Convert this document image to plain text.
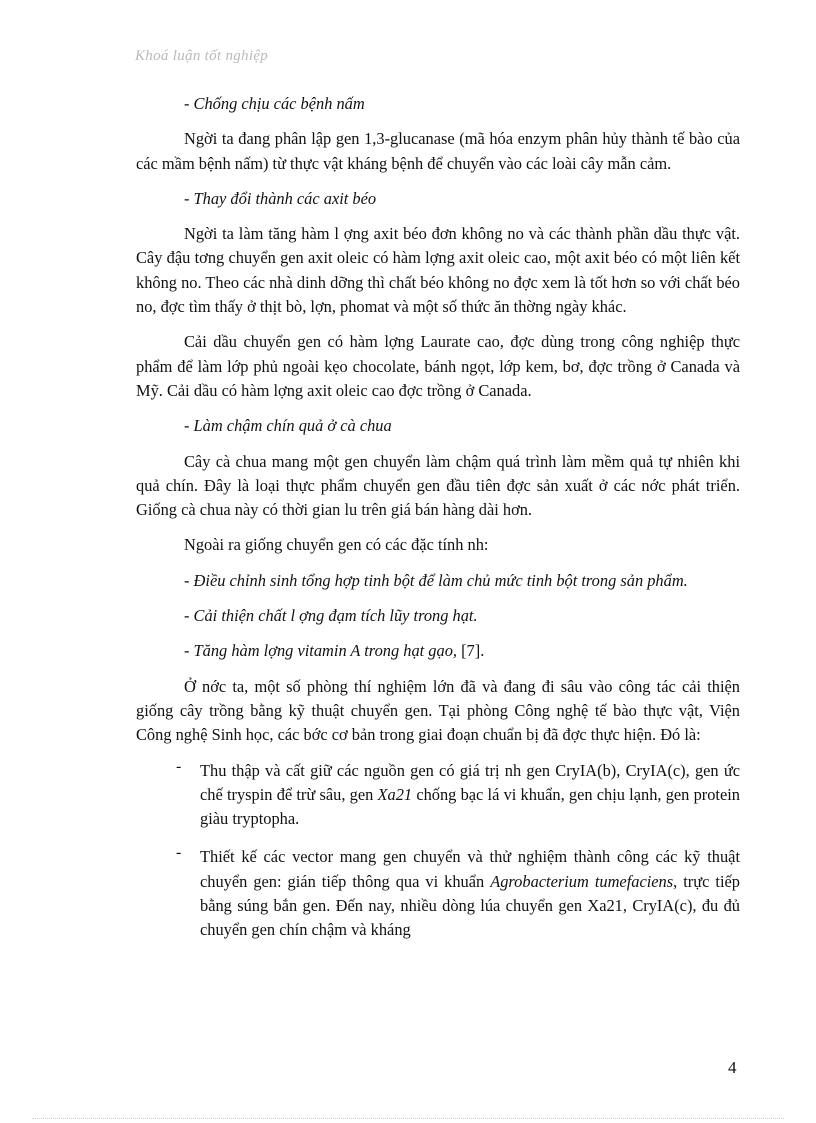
Khoá luận tốt nghiệp

- Chống chịu các bệnh nấm

Ngời ta đang phân lập gen 1,3-glucanase (mã hóa enzym phân hủy thành tế bào của các mầm bệnh nấm) từ thực vật kháng bệnh để chuyển vào các loài cây mẫn cảm.

- Thay đổi thành các axit béo

Ngời ta làm tăng hàm l ợng axit béo đơn không no và các thành phần dầu thực vật. Cây đậu tơng chuyển gen axit oleic có hàm lợng axit oleic cao, một axit béo có một liên kết không no. Theo các nhà dinh dỡng thì chất béo không no đợc xem là tốt hơn so với chất béo no, đợc tìm thấy ở thịt bò, lợn, phomat và một số thức ăn thờng ngày khác.

Cải dầu chuyển gen có hàm lợng Laurate cao, đợc dùng trong công nghiệp thực phẩm để làm lớp phủ ngoài kẹo chocolate, bánh ngọt, lớp kem, bơ, đợc trồng ở Canada và Mỹ. Cải dầu có hàm lợng axit oleic cao đợc trồng ở Canada.

- Làm chậm chín quả ở cà chua

Cây cà chua mang một gen chuyển làm chậm quá trình làm mềm quả tự nhiên khi quả chín. Đây là loại thực phẩm chuyển gen đầu tiên đợc sản xuất ở các nớc phát triển. Giống cà chua này có thời gian lu trên giá bán hàng dài hơn.

Ngoài ra giống chuyển gen có các đặc tính nh:

- Điều chỉnh sinh tổng hợp tinh bột để làm chủ mức tinh bột trong sản phẩm.

- Cải thiện chất l ợng đạm tích lũy trong hạt.

- Tăng hàm lợng vitamin A trong hạt gạo, [7].

Ở nớc ta, một số phòng thí nghiệm lớn đã và đang đi sâu vào công tác cải thiện giống cây trồng bằng kỹ thuật chuyển gen. Tại phòng Công nghệ tế bào thực vật, Viện Công nghệ Sinh học, các bớc cơ bản trong giai đoạn chuẩn bị đã đợc thực hiện. Đó là:

- Thu thập và cất giữ các nguồn gen có giá trị nh gen CryIA(b), CryIA(c), gen ức chế tryspin để trừ sâu, gen Xa21 chống bạc lá vi khuẩn, gen chịu lạnh, gen protein giàu tryptopha.
- Thiết kế các vector mang gen chuyển và thử nghiệm thành công các kỹ thuật chuyển gen: gián tiếp thông qua vi khuẩn Agrobacterium tumefaciens, trực tiếp bằng súng bắn gen. Đến nay, nhiều dòng lúa chuyển gen Xa21, CryIA(c), đu đủ chuyển gen chín chậm và kháng
4
